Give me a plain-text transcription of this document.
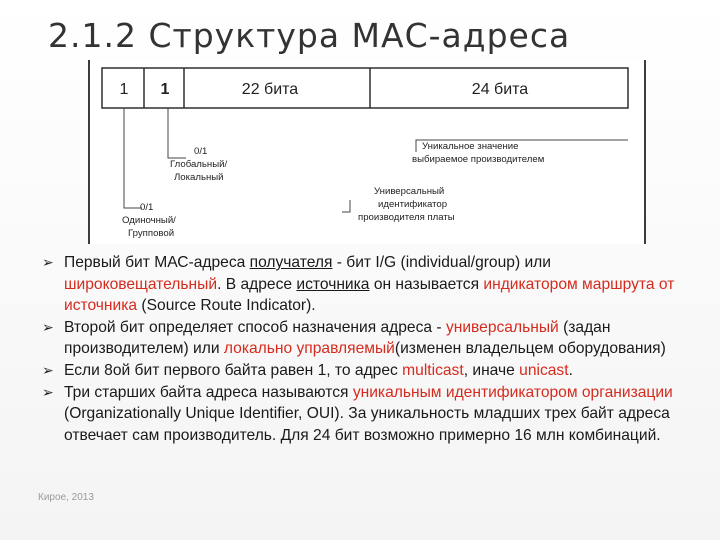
2.1.2 Структура МАС-адреса
1 1	22 бита	24 бита
0/1
Одиночный/
Групповой
0/1
Глобальный/
Локальный
Универсальный
идентификатор
производителя платы
Уникальное значение
выбираемое производителем
➢ Первый бит МАС-адреса получателя - бит I/G (individual/group) или широковещательный. В адресе источника он называется индикатором маршрута от источника (Source Route Indicator).
➢ Второй бит определяет способ назначения адреса - универсальный (задан производителем) или локально управляемый(изменен владельцем оборудования)
➢ Если 8ой бит первого байта равен 1, то адрес multicast, иначе unicast.
➢ Три старших байта адреса называются уникальным идентификатором организации (Organizationally Unique Identifier, OUI). За уникальность младших трех байт адреса отвечает сам производитель. Для 24 бит возможно примерно 16 млн комбинаций.
Кирое, 2013
